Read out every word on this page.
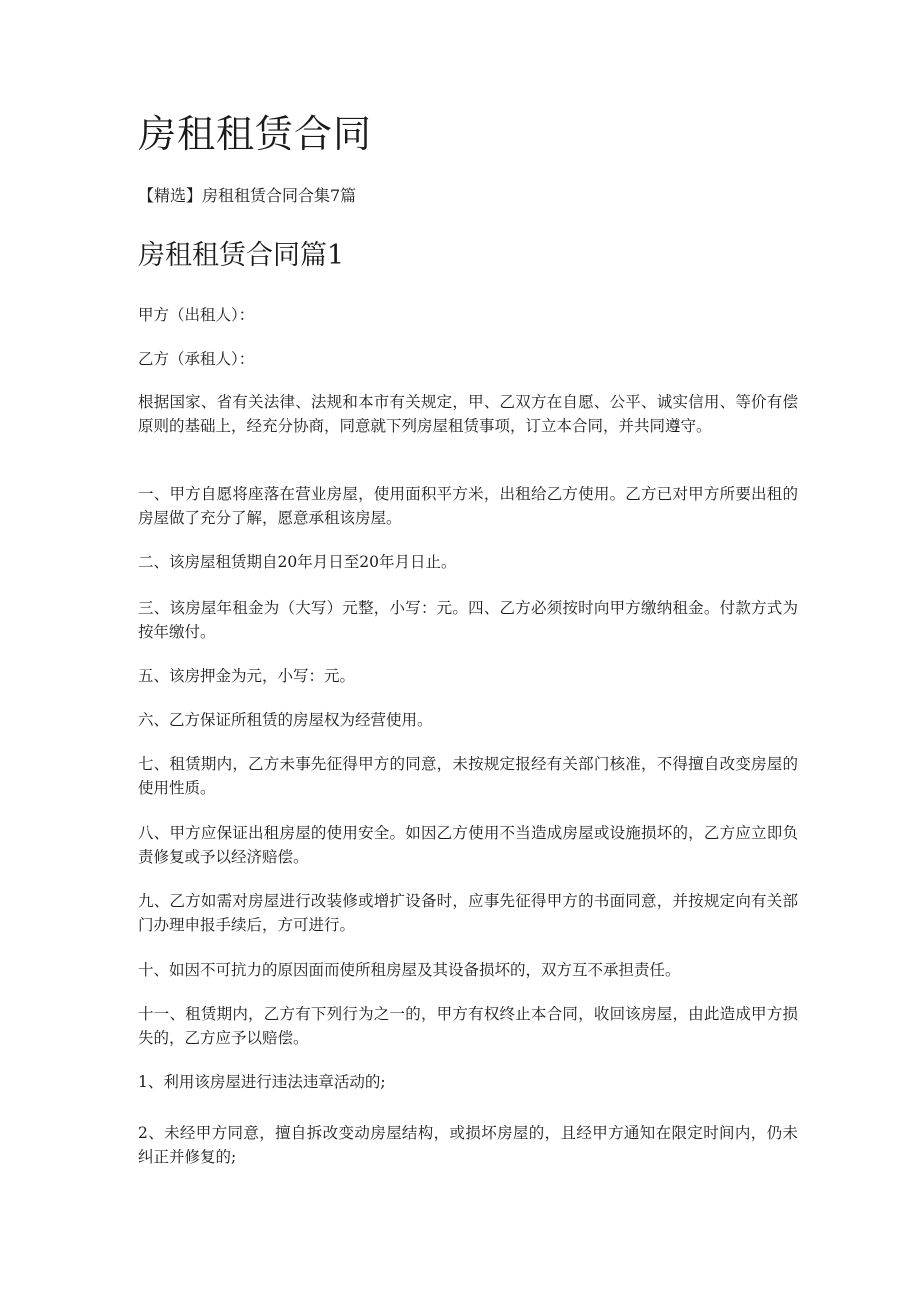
房租租赁合同

【精选】房租租赁合同合集7篇

房租租赁合同篇1

甲方（出租人）：

乙方（承租人）：

根据国家、省有关法律、法规和本市有关规定，甲、乙双方在自愿、公平、诚实信用、等价有偿原则的基础上，经充分协商，同意就下列房屋租赁事项，订立本合同，并共同遵守。

一、甲方自愿将座落在营业房屋，使用面积平方米，出租给乙方使用。乙方已对甲方所要出租的房屋做了充分了解，愿意承租该房屋。

二、该房屋租赁期自20年月日至20年月日止。

三、该房屋年租金为（大写）元整，小写：元。四、乙方必须按时向甲方缴纳租金。付款方式为按年缴付。

五、该房押金为元，小写：元。

六、乙方保证所租赁的房屋权为经营使用。

七、租赁期内，乙方未事先征得甲方的同意，未按规定报经有关部门核准，不得擅自改变房屋的使用性质。

八、甲方应保证出租房屋的使用安全。如因乙方使用不当造成房屋或设施损坏的，乙方应立即负责修复或予以经济赔偿。

九、乙方如需对房屋进行改装修或增扩设备时，应事先征得甲方的书面同意，并按规定向有关部门办理申报手续后，方可进行。

十、如因不可抗力的原因面而使所租房屋及其设备损坏的，双方互不承担责任。

十一、租赁期内，乙方有下列行为之一的，甲方有权终止本合同，收回该房屋，由此造成甲方损失的，乙方应予以赔偿。

1、利用该房屋进行违法违章活动的;

2、未经甲方同意，擅自拆改变动房屋结构，或损坏房屋的，且经甲方通知在限定时间内，仍未纠正并修复的;
